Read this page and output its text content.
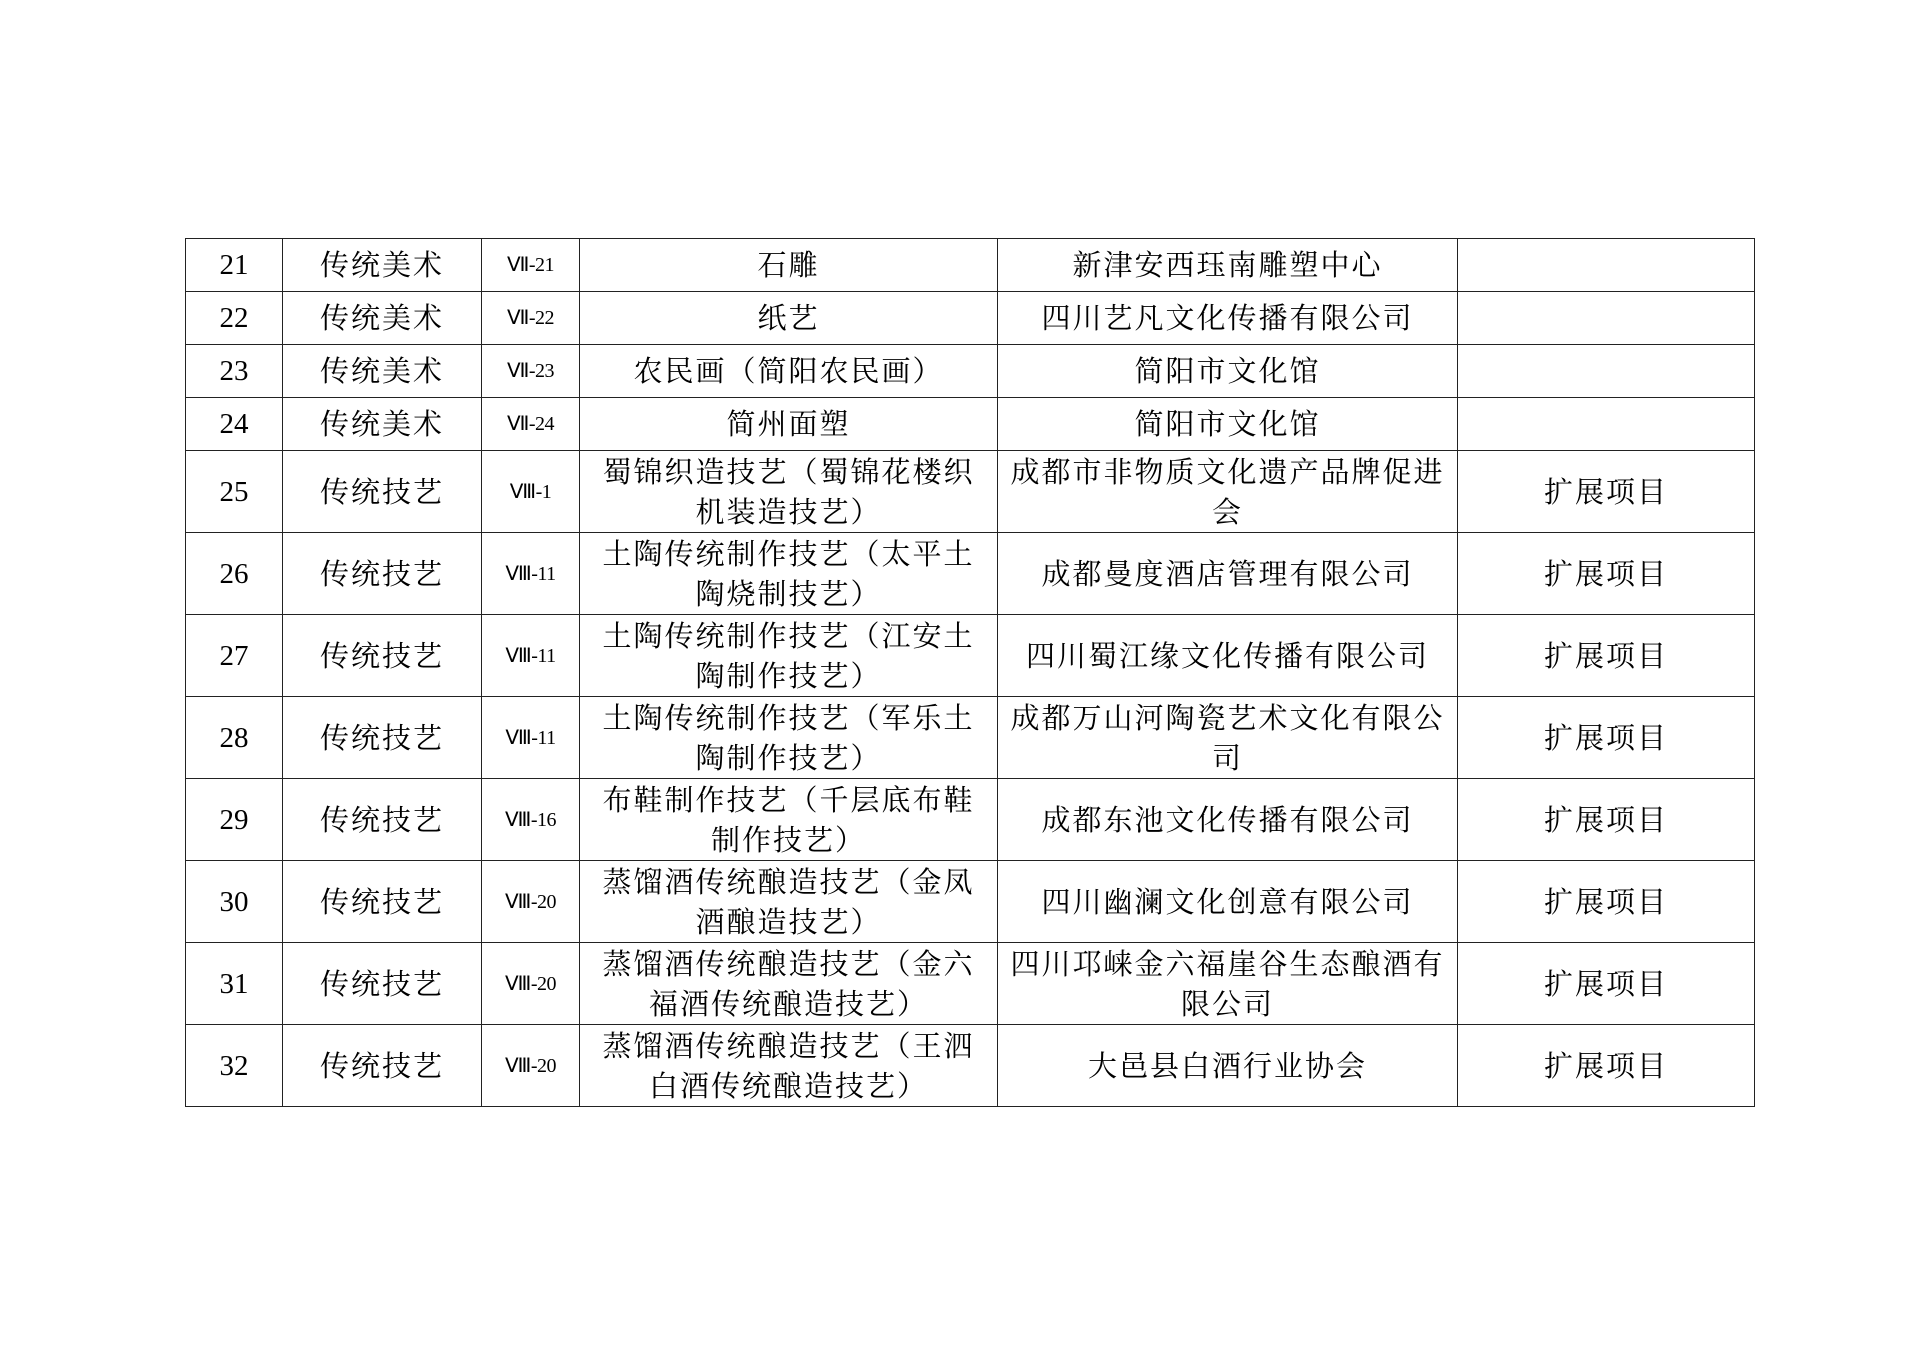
21	传统美术	Ⅶ-21	石雕	新津安西珏南雕塑中心	
22	传统美术	Ⅶ-22	纸艺	四川艺凡文化传播有限公司	
23	传统美术	Ⅶ-23	农民画（简阳农民画）	简阳市文化馆	
24	传统美术	Ⅶ-24	简州面塑	简阳市文化馆	
25	传统技艺	Ⅷ-1	蜀锦织造技艺（蜀锦花楼织机装造技艺）	成都市非物质文化遗产品牌促进会	扩展项目
26	传统技艺	Ⅷ-11	土陶传统制作技艺（太平土陶烧制技艺）	成都曼度酒店管理有限公司	扩展项目
27	传统技艺	Ⅷ-11	土陶传统制作技艺（江安土陶制作技艺）	四川蜀江缘文化传播有限公司	扩展项目
28	传统技艺	Ⅷ-11	土陶传统制作技艺（军乐土陶制作技艺）	成都万山河陶瓷艺术文化有限公司	扩展项目
29	传统技艺	Ⅷ-16	布鞋制作技艺（千层底布鞋制作技艺）	成都东池文化传播有限公司	扩展项目
30	传统技艺	Ⅷ-20	蒸馏酒传统酿造技艺（金凤酒酿造技艺）	四川幽澜文化创意有限公司	扩展项目
31	传统技艺	Ⅷ-20	蒸馏酒传统酿造技艺（金六福酒传统酿造技艺）	四川邛崃金六福崖谷生态酿酒有限公司	扩展项目
32	传统技艺	Ⅷ-20	蒸馏酒传统酿造技艺（王泗白酒传统酿造技艺）	大邑县白酒行业协会	扩展项目
